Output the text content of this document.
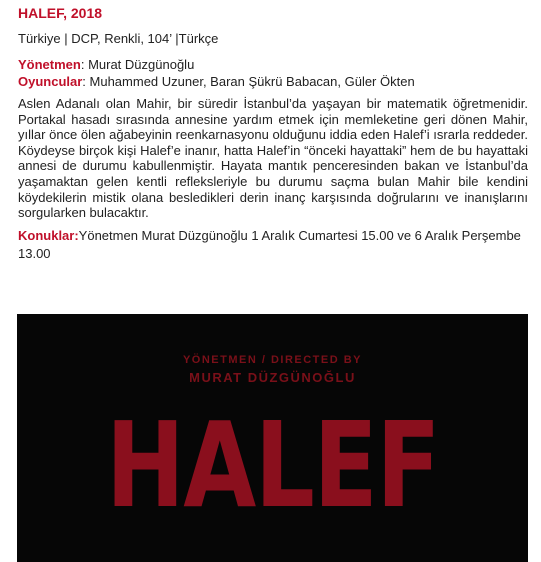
HALEF, 2018
Türkiye | DCP, Renkli, 104’ |Türkçe
Yönetmen: Murat Düzgünoğlu
Oyuncular: Muhammed Uzuner, Baran Şükrü Babacan, Güler Ökten
Aslen Adanalı olan Mahir, bir süredir İstanbul’da yaşayan bir matematik öğretmenidir. Portakal hasadı sırasında annesine yardım etmek için memleketine geri dönen Mahir, yıllar önce ölen ağabeyinin reenkarnasyonu olduğunu iddia eden Halef’i ısrarla reddeder. Köydeyse birçok kişi Halef’e inanır, hatta Halef’in “önceki hayattaki” hem de bu hayattaki annesi de durumu kabullenmiştir. Hayata mantık penceresinden bakan ve İstanbul’da yaşamaktan gelen kentli refleksleriyle bu durumu saçma bulan Mahir bile kendini köydekilerin mistik olana besledikleri derin inanç karşısında doğrularını ve inanışlarını sorgularken bulacaktır.
Konuklar:Yönetmen Murat Düzgünoğlu 1 Aralık Cumartesi 15.00 ve 6 Aralık Perşembe 13.00
YÖNETMEN / DIRECTED BY
MURAT DÜZGÜNOĞLU
HALEF
